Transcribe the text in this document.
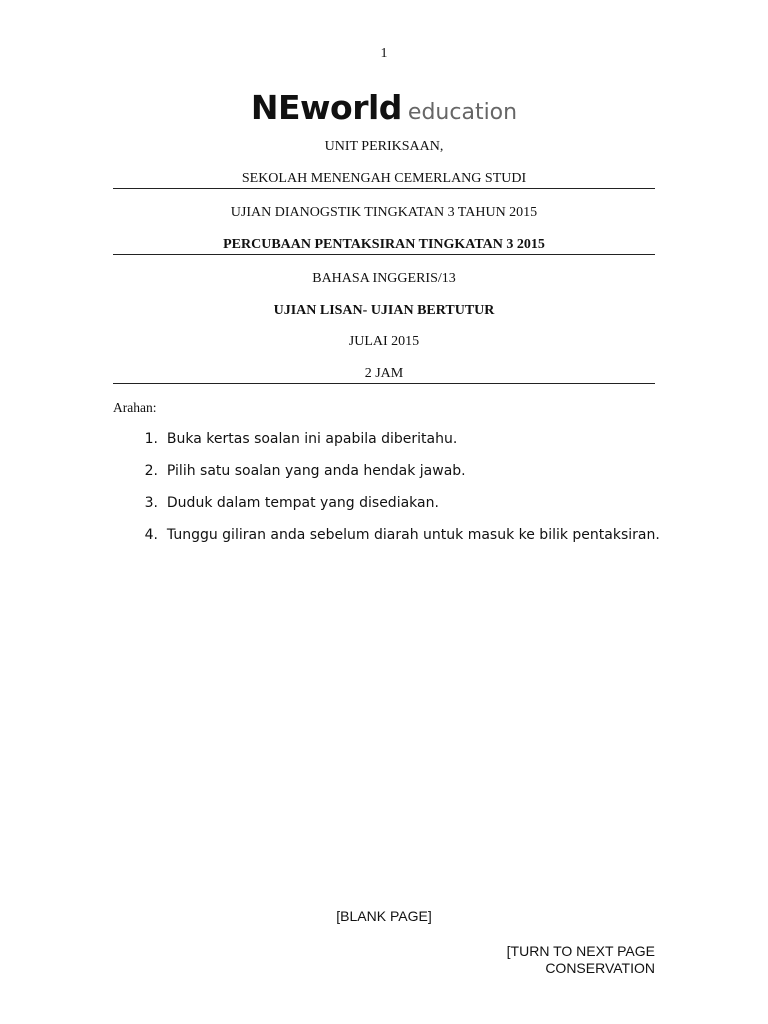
1
NEworld education
UNIT PERIKSAAN,
SEKOLAH MENENGAH CEMERLANG STUDI
UJIAN DIANOGSTIK TINGKATAN 3 TAHUN 2015
PERCUBAAN PENTAKSIRAN TINGKATAN 3 2015
BAHASA INGGERIS/13
UJIAN LISAN- UJIAN BERTUTUR
JULAI 2015
2 JAM
Arahan:
1. Buka kertas soalan ini apabila diberitahu.
2. Pilih satu soalan yang anda hendak jawab.
3. Duduk dalam tempat yang disediakan.
4. Tunggu giliran anda sebelum diarah untuk masuk ke bilik pentaksiran.
[BLANK PAGE]
[TURN TO NEXT PAGE
CONSERVATION
